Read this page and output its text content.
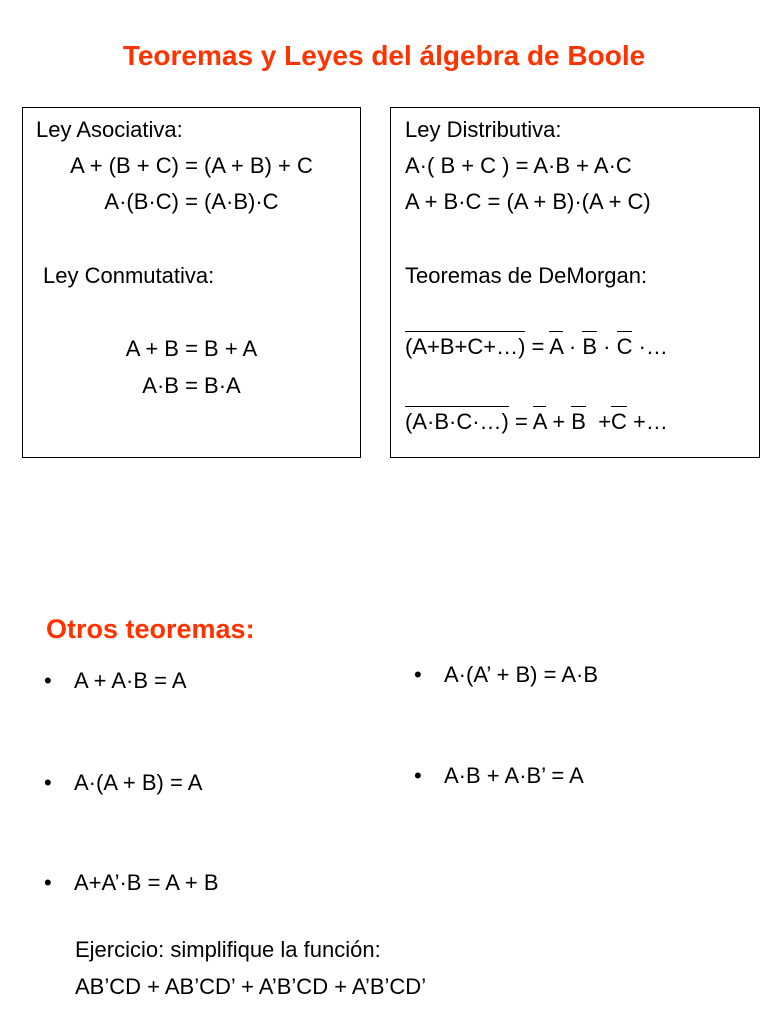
Teoremas y Leyes del álgebra de Boole
Ley Asociativa:
A + (B + C) = (A + B) + C
A·(B·C) = (A·B)·C
Ley Conmutativa:
A + B = B + A
A·B = B·A
Ley Distributiva:
A·( B + C ) = A·B + A·C
A + B·C = (A + B)·(A + C)
Teoremas de DeMorgan:
(A+B+C+…) = A · B · C ·…
(A·B·C·…) = A + B  +C +…
Otros teoremas:
• A + A·B = A
• A·(A + B) = A
• A+A’·B = A + B
• A·(A’ + B) = A·B
• A·B + A·B’ = A
Ejercicio: simplifique la función:
AB’CD + AB’CD’ + A’B’CD + A’B’CD’
